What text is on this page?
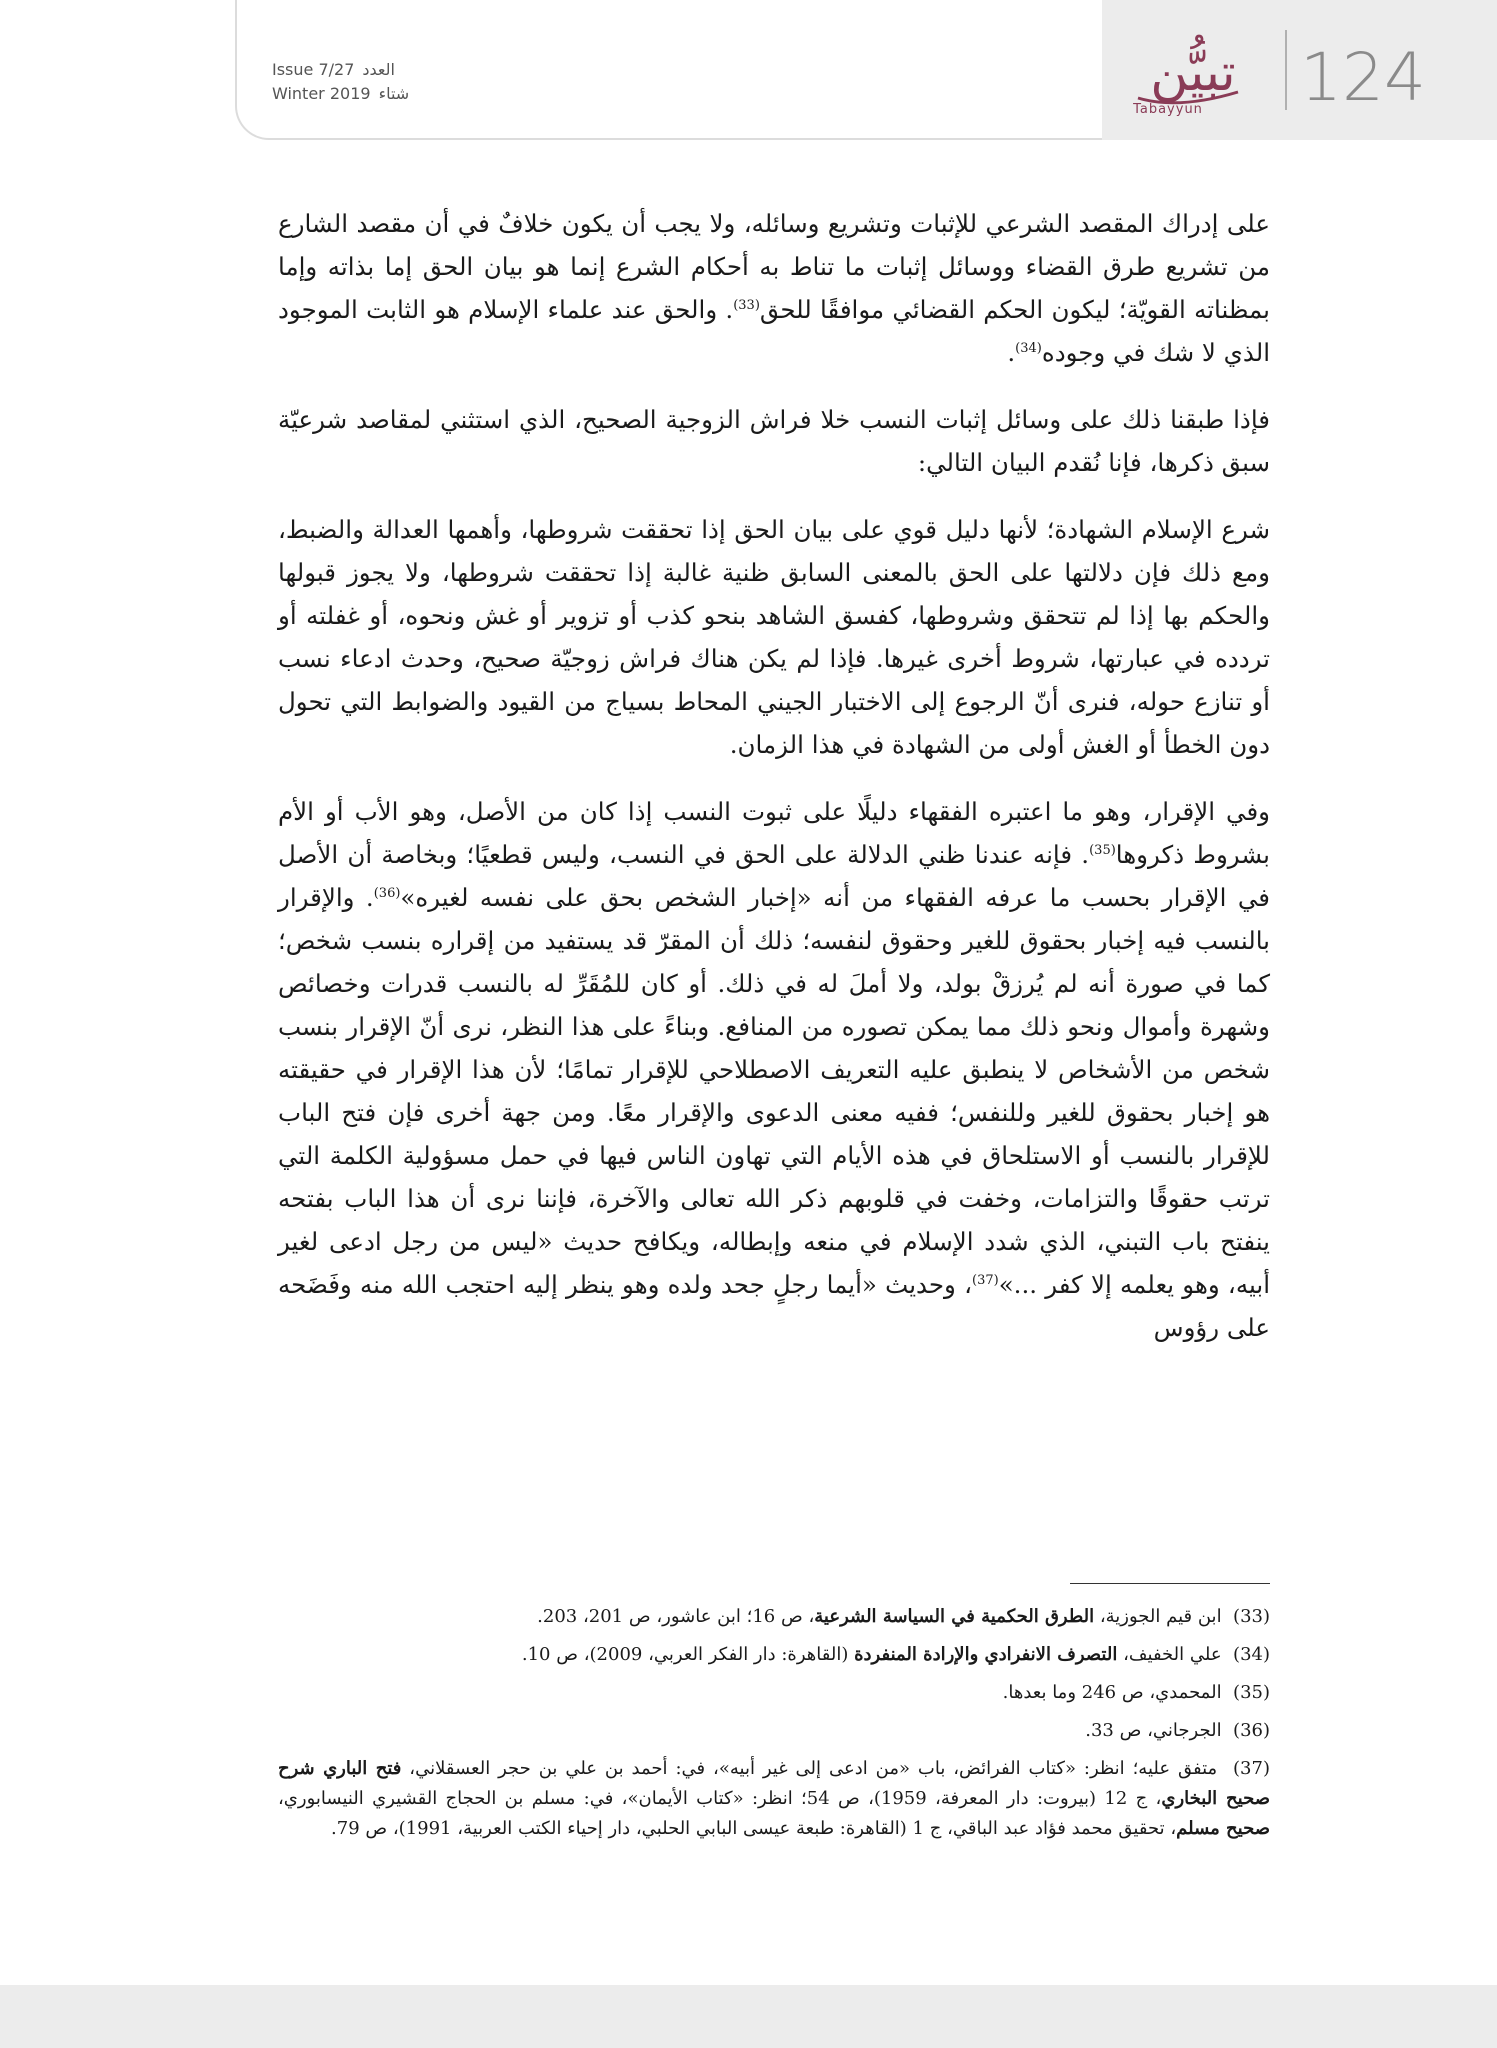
Issue 7/27 العدد
Winter 2019 شتاء	تبيُّن
Tabayyun 124

على إدراك المقصد الشرعي للإثبات وتشريع وسائله، ولا يجب أن يكون خلافٌ في أن مقصد الشارع من تشريع طرق القضاء ووسائل إثبات ما تناط به أحكام الشرع إنما هو بيان الحق إما بذاته وإما بمظناته القويّة؛ ليكون الحكم القضائي موافقًا للحق$^{(33)}$. والحق عند علماء الإسلام هو الثابت الموجود الذي لا شك في وجوده$^{(34)}$.

فإذا طبقنا ذلك على وسائل إثبات النسب خلا فراش الزوجية الصحيح، الذي استثني لمقاصد شرعيّة سبق ذكرها، فإنا نُقدم البيان التالي:

شرع الإسلام الشهادة؛ لأنها دليل قوي على بيان الحق إذا تحققت شروطها، وأهمها العدالة والضبط، ومع ذلك فإن دلالتها على الحق بالمعنى السابق ظنية غالبة إذا تحققت شروطها، ولا يجوز قبولها والحكم بها إذا لم تتحقق وشروطها، كفسق الشاهد بنحو كذب أو تزوير أو غش ونحوه، أو غفلته أو تردده في عبارتها، شروط أخرى غيرها. فإذا لم يكن هناك فراش زوجيّة صحيح، وحدث ادعاء نسب أو تنازع حوله، فنرى أنّ الرجوع إلى الاختبار الجيني المحاط بسياج من القيود والضوابط التي تحول دون الخطأ أو الغش أولى من الشهادة في هذا الزمان.

وفي الإقرار، وهو ما اعتبره الفقهاء دليلًا على ثبوت النسب إذا كان من الأصل، وهو الأب أو الأم بشروط ذكروها$^{(35)}$. فإنه عندنا ظني الدلالة على الحق في النسب، وليس قطعيًا؛ وبخاصة أن الأصل في الإقرار بحسب ما عرفه الفقهاء من أنه «إخبار الشخص بحق على نفسه لغيره»$^{(36)}$. والإقرار بالنسب فيه إخبار بحقوق للغير وحقوق لنفسه؛ ذلك أن المقرّ قد يستفيد من إقراره بنسب شخص؛ كما في صورة أنه لم يُرزقْ بولد، ولا أملَ له في ذلك. أو كان للمُقَرِّ له بالنسب قدرات وخصائص وشهرة وأموال ونحو ذلك مما يمكن تصوره من المنافع. وبناءً على هذا النظر، نرى أنّ الإقرار بنسب شخص من الأشخاص لا ينطبق عليه التعريف الاصطلاحي للإقرار تمامًا؛ لأن هذا الإقرار في حقيقته هو إخبار بحقوق للغير وللنفس؛ ففيه معنى الدعوى والإقرار معًا. ومن جهة أخرى فإن فتح الباب للإقرار بالنسب أو الاستلحاق في هذه الأيام التي تهاون الناس فيها في حمل مسؤولية الكلمة التي ترتب حقوقًا والتزامات، وخفت في قلوبهم ذكر الله تعالى والآخرة، فإننا نرى أن هذا الباب بفتحه ينفتح باب التبني، الذي شدد الإسلام في منعه وإبطاله، ويكافح حديث «ليس من رجل ادعى لغير أبيه، وهو يعلمه إلا كفر ...»$^{(37)}$، وحديث «أيما رجلٍ جحد ولده وهو ينظر إليه احتجب الله منه وفَضَحه على رؤوس

(33)  ابن قيم الجوزية، الطرق الحكمية في السياسة الشرعية، ص 16؛ ابن عاشور، ص 201، 203.

(34)  علي الخفيف، التصرف الانفرادي والإرادة المنفردة (القاهرة: دار الفكر العربي، 2009)، ص 10.

(35)  المحمدي، ص 246 وما بعدها.

(36)  الجرجاني، ص 33.

(37)  متفق عليه؛ انظر: «كتاب الفرائض، باب «من ادعى إلى غير أبيه»، في: أحمد بن علي بن حجر العسقلاني، فتح الباري شرح صحيح البخاري، ج 12 (بيروت: دار المعرفة، 1959)، ص 54؛ انظر: «كتاب الأيمان»، في: مسلم بن الحجاج القشيري النيسابوري، صحيح مسلم، تحقيق محمد فؤاد عبد الباقي، ج 1 (القاهرة: طبعة عيسى البابي الحلبي، دار إحياء الكتب العربية، 1991)، ص 79.
